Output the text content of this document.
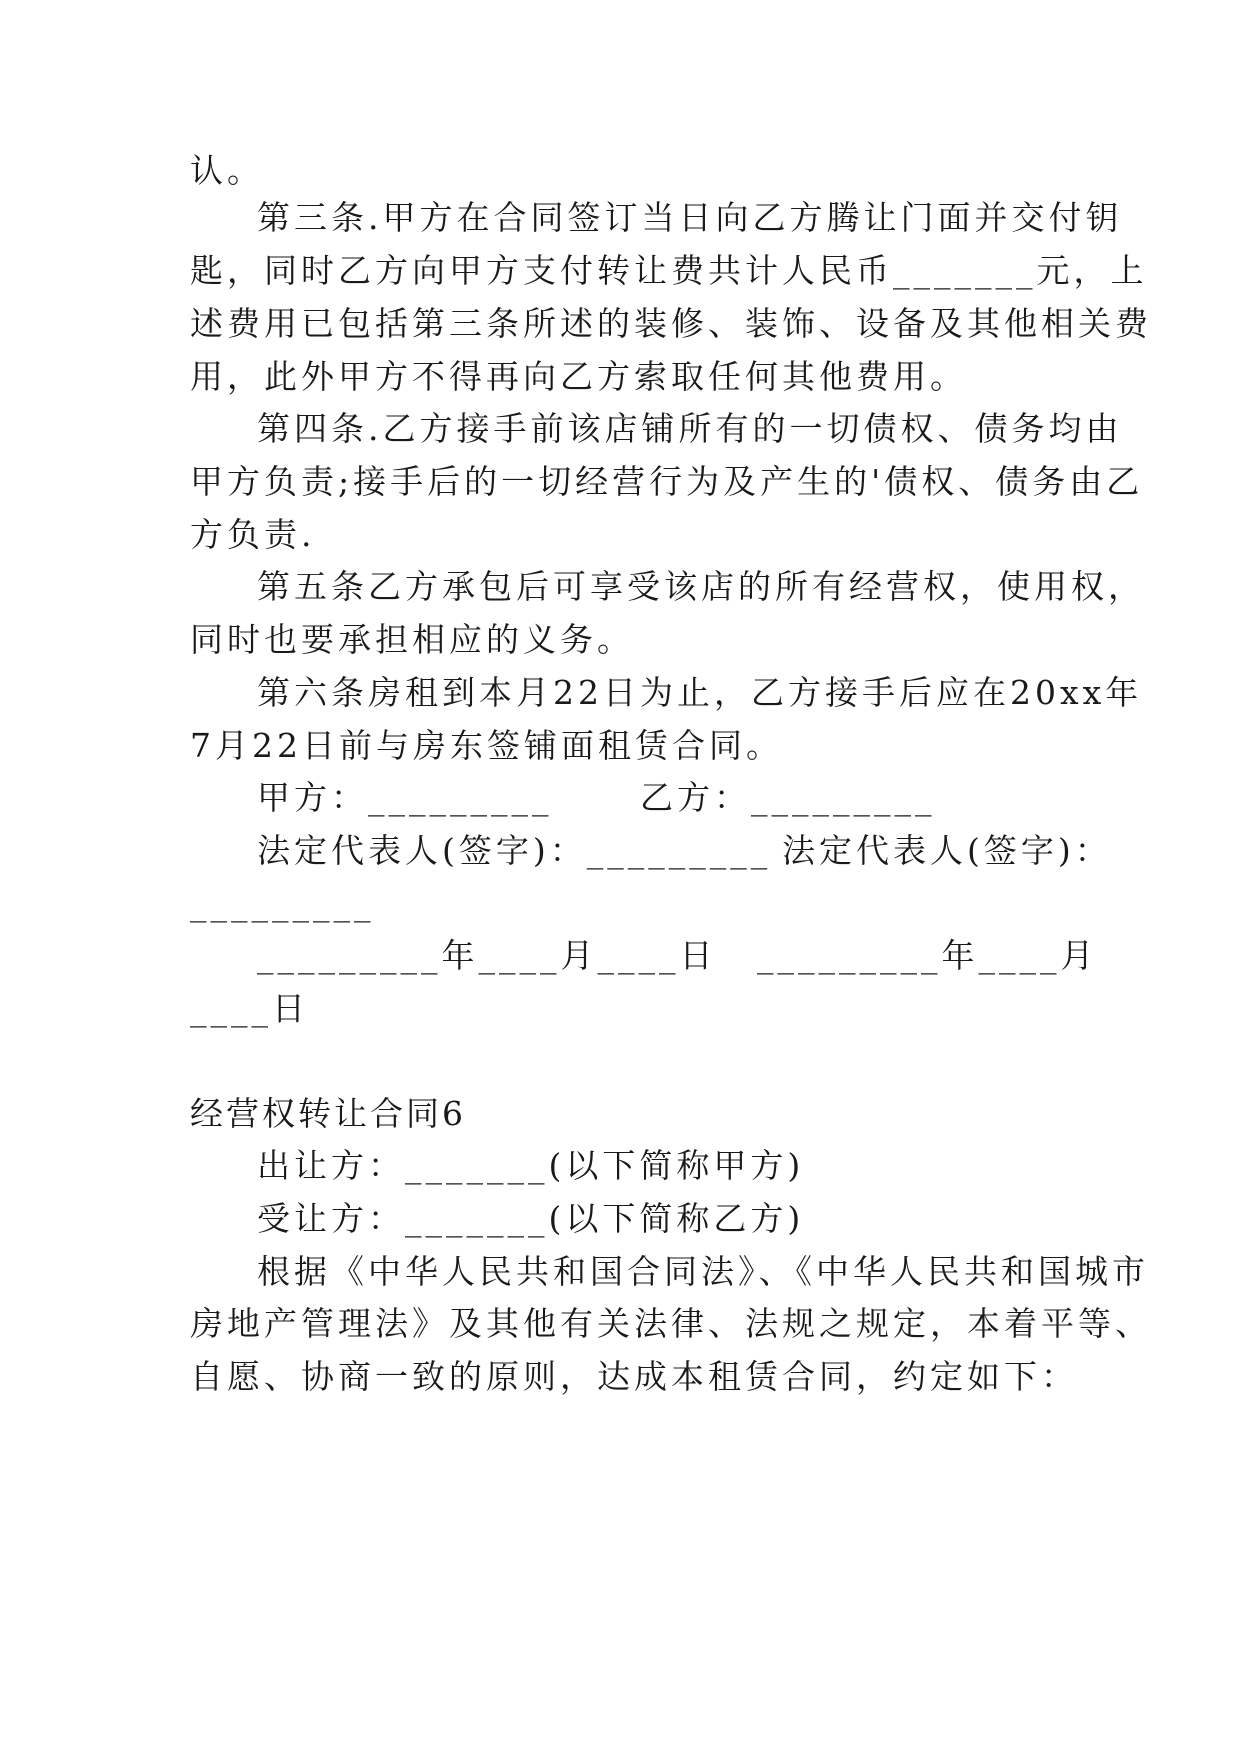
认。
第三条.甲方在合同签订当日向乙方腾让门面并交付钥
匙，同时乙方向甲方支付转让费共计人民币_______元，上
述费用已包括第三条所述的装修、装饰、设备及其他相关费
用，此外甲方不得再向乙方索取任何其他费用。
第四条.乙方接手前该店铺所有的一切债权、债务均由
甲方负责;接手后的一切经营行为及产生的'债权、债务由乙
方负责.
第五条乙方承包后可享受该店的所有经营权，使用权，
同时也要承担相应的义务。
第六条房租到本月22日为止，乙方接手后应在20xx年
7月22日前与房东签铺面租赁合同。
甲方：_________	乙方：_________
法定代表人(签字)：_________ 法定代表人(签字)：
_________
_________年____月____日 _________年____月
____日
经营权转让合同6
出让方：_______(以下简称甲方)
受让方：_______(以下简称乙方)
根据《中华人民共和国合同法》、《中华人民共和国城市
房地产管理法》及其他有关法律、法规之规定，本着平等、
自愿、协商一致的原则，达成本租赁合同，约定如下：
